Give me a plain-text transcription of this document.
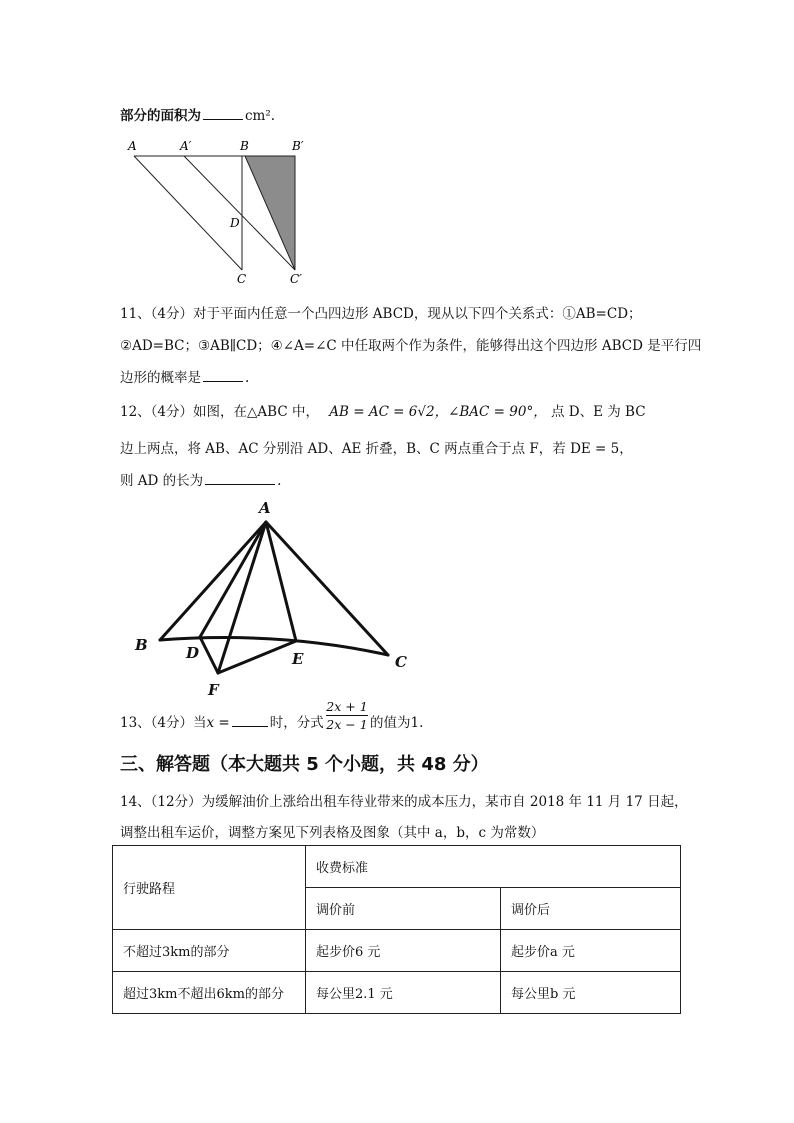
部分的面积为	cm².
A	A′	B	B′
D
C	C′
11、（4分）对于平面内任意一个凸四边形 ABCD，现从以下四个关系式：①AB=CD；
②AD=BC；③AB∥CD；④∠A=∠C 中任取两个作为条件，能够得出这个四边形 ABCD 是平行四
边形的概率是	.
12、（4分）如图，在△ABC 中， AB = AC = 6√2，∠BAC = 90°， 点 D、E 为 BC
边上两点，将 AB、AC 分别沿 AD、AE 折叠，B、C 两点重合于点 F，若 DE = 5，
则 AD 的长为	.
A
B
C
D	E
F
13、（4分）当x =	时，分式 $\frac{2x + 1}{2x - 1}$ 的值为1.
三、解答题（本大题共 5 个小题，共 48 分）
14、（12分）为缓解油价上涨给出租车待业带来的成本压力，某市自 2018 年 11 月 17 日起，
调整出租车运价，调整方案见下列表格及图象（其中 a，b，c 为常数）
行驶路程	收费标准	
	调价前	调价后
不超过3km的部分	起步价6 元	起步价a 元
超过3km不超出6km的部分	每公里2.1 元	每公里b 元
